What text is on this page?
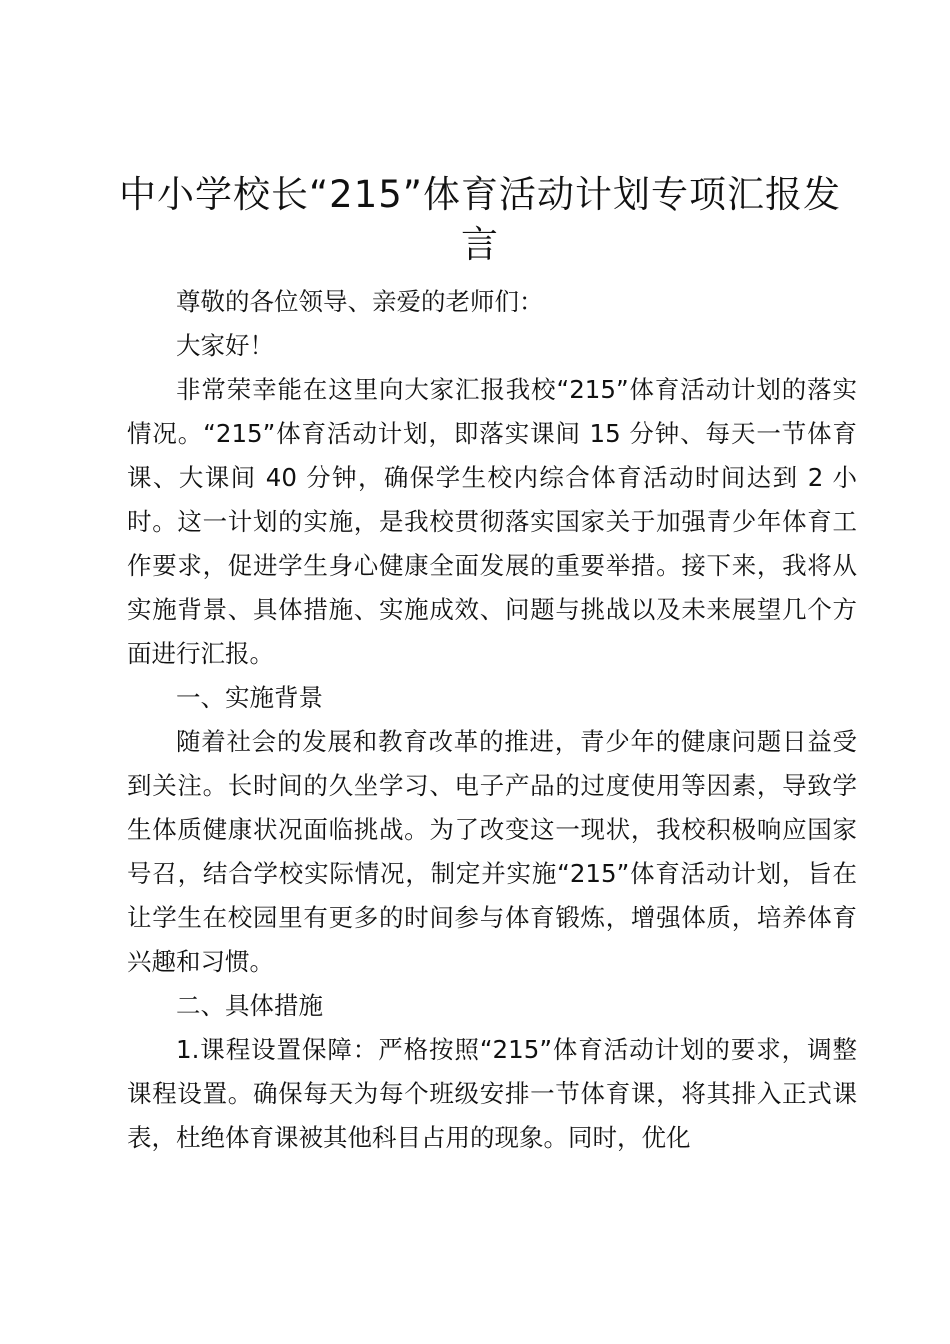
中小学校长“215”体育活动计划专项汇报发言

尊敬的各位领导、亲爱的老师们：

大家好！

非常荣幸能在这里向大家汇报我校“215”体育活动计划的落实情况。“215”体育活动计划，即落实课间 15 分钟、每天一节体育课、大课间 40 分钟，确保学生校内综合体育活动时间达到 2 小时。这一计划的实施，是我校贯彻落实国家关于加强青少年体育工作要求，促进学生身心健康全面发展的重要举措。接下来，我将从实施背景、具体措施、实施成效、问题与挑战以及未来展望几个方面进行汇报。

一、实施背景

随着社会的发展和教育改革的推进，青少年的健康问题日益受到关注。长时间的久坐学习、电子产品的过度使用等因素，导致学生体质健康状况面临挑战。为了改变这一现状，我校积极响应国家号召，结合学校实际情况，制定并实施“215”体育活动计划，旨在让学生在校园里有更多的时间参与体育锻炼，增强体质，培养体育兴趣和习惯。

二、具体措施

1.课程设置保障：严格按照“215”体育活动计划的要求，调整课程设置。确保每天为每个班级安排一节体育课，将其排入正式课表，杜绝体育课被其他科目占用的现象。同时，优化
